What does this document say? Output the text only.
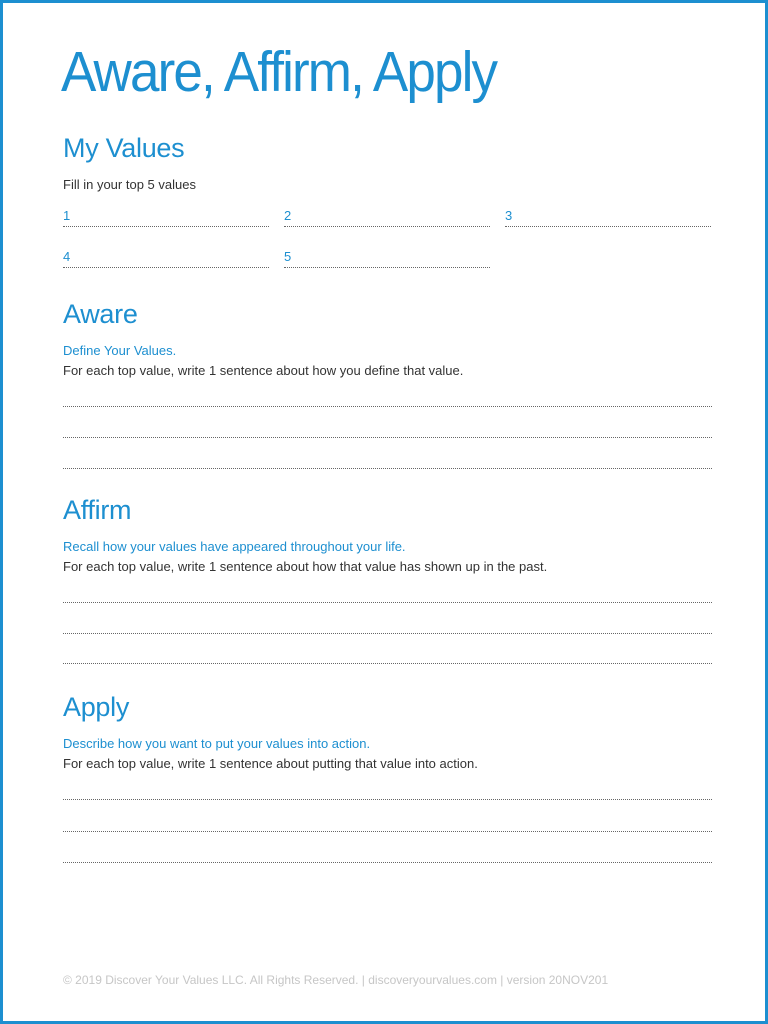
Aware, Affirm, Apply
My Values
Fill in your top 5 values
1	2	3
4	5
Aware
Define Your Values.
For each top value, write 1 sentence about how you define that value.
Affirm
Recall how your values have appeared throughout your life.
For each top value, write 1 sentence about how that value has shown up in the past.
Apply
Describe how you want to put your values into action.
For each top value, write 1 sentence about putting that value into action.
© 2019 Discover Your Values LLC. All Rights Reserved. | discoveryourvalues.com | version 20NOV201
